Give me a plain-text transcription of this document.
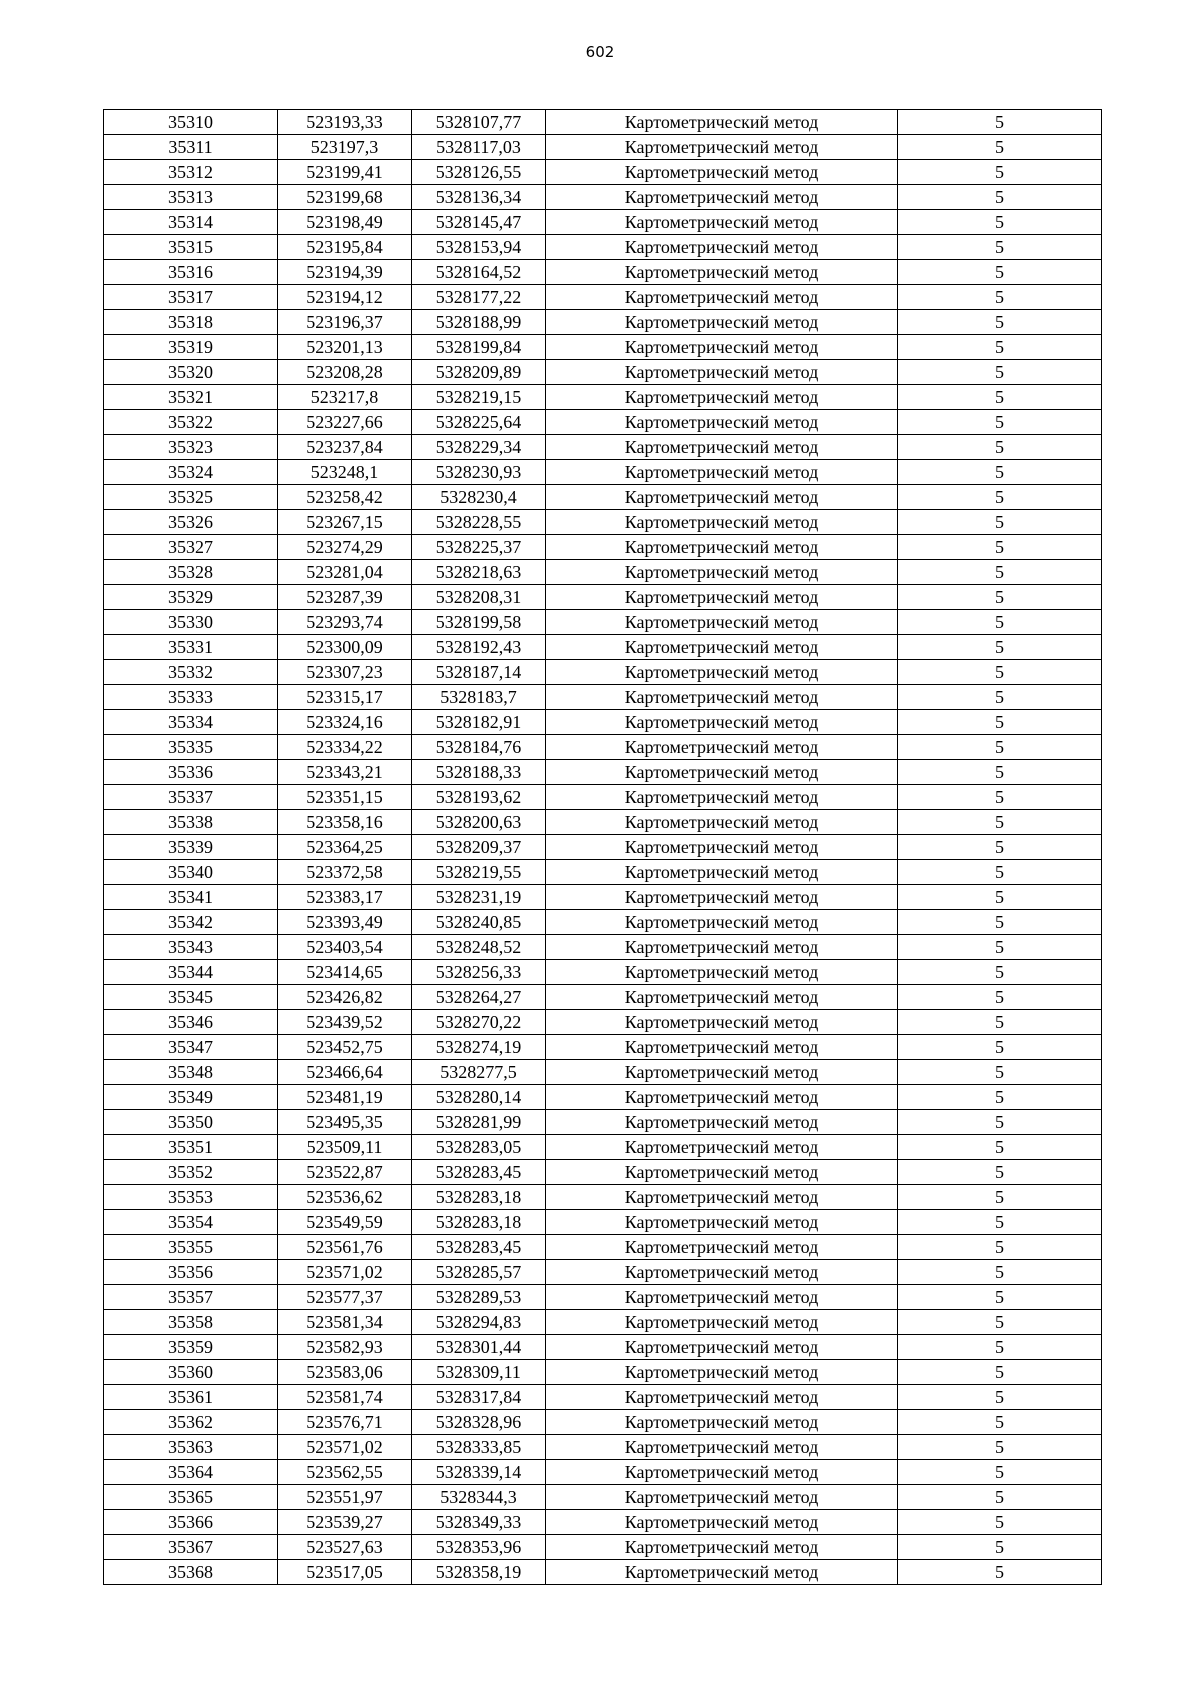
602
35310	523193,33	5328107,77	Картометрический метод	5
35311	523197,3	5328117,03	Картометрический метод	5
35312	523199,41	5328126,55	Картометрический метод	5
35313	523199,68	5328136,34	Картометрический метод	5
35314	523198,49	5328145,47	Картометрический метод	5
35315	523195,84	5328153,94	Картометрический метод	5
35316	523194,39	5328164,52	Картометрический метод	5
35317	523194,12	5328177,22	Картометрический метод	5
35318	523196,37	5328188,99	Картометрический метод	5
35319	523201,13	5328199,84	Картометрический метод	5
35320	523208,28	5328209,89	Картометрический метод	5
35321	523217,8	5328219,15	Картометрический метод	5
35322	523227,66	5328225,64	Картометрический метод	5
35323	523237,84	5328229,34	Картометрический метод	5
35324	523248,1	5328230,93	Картометрический метод	5
35325	523258,42	5328230,4	Картометрический метод	5
35326	523267,15	5328228,55	Картометрический метод	5
35327	523274,29	5328225,37	Картометрический метод	5
35328	523281,04	5328218,63	Картометрический метод	5
35329	523287,39	5328208,31	Картометрический метод	5
35330	523293,74	5328199,58	Картометрический метод	5
35331	523300,09	5328192,43	Картометрический метод	5
35332	523307,23	5328187,14	Картометрический метод	5
35333	523315,17	5328183,7	Картометрический метод	5
35334	523324,16	5328182,91	Картометрический метод	5
35335	523334,22	5328184,76	Картометрический метод	5
35336	523343,21	5328188,33	Картометрический метод	5
35337	523351,15	5328193,62	Картометрический метод	5
35338	523358,16	5328200,63	Картометрический метод	5
35339	523364,25	5328209,37	Картометрический метод	5
35340	523372,58	5328219,55	Картометрический метод	5
35341	523383,17	5328231,19	Картометрический метод	5
35342	523393,49	5328240,85	Картометрический метод	5
35343	523403,54	5328248,52	Картометрический метод	5
35344	523414,65	5328256,33	Картометрический метод	5
35345	523426,82	5328264,27	Картометрический метод	5
35346	523439,52	5328270,22	Картометрический метод	5
35347	523452,75	5328274,19	Картометрический метод	5
35348	523466,64	5328277,5	Картометрический метод	5
35349	523481,19	5328280,14	Картометрический метод	5
35350	523495,35	5328281,99	Картометрический метод	5
35351	523509,11	5328283,05	Картометрический метод	5
35352	523522,87	5328283,45	Картометрический метод	5
35353	523536,62	5328283,18	Картометрический метод	5
35354	523549,59	5328283,18	Картометрический метод	5
35355	523561,76	5328283,45	Картометрический метод	5
35356	523571,02	5328285,57	Картометрический метод	5
35357	523577,37	5328289,53	Картометрический метод	5
35358	523581,34	5328294,83	Картометрический метод	5
35359	523582,93	5328301,44	Картометрический метод	5
35360	523583,06	5328309,11	Картометрический метод	5
35361	523581,74	5328317,84	Картометрический метод	5
35362	523576,71	5328328,96	Картометрический метод	5
35363	523571,02	5328333,85	Картометрический метод	5
35364	523562,55	5328339,14	Картометрический метод	5
35365	523551,97	5328344,3	Картометрический метод	5
35366	523539,27	5328349,33	Картометрический метод	5
35367	523527,63	5328353,96	Картометрический метод	5
35368	523517,05	5328358,19	Картометрический метод	5
